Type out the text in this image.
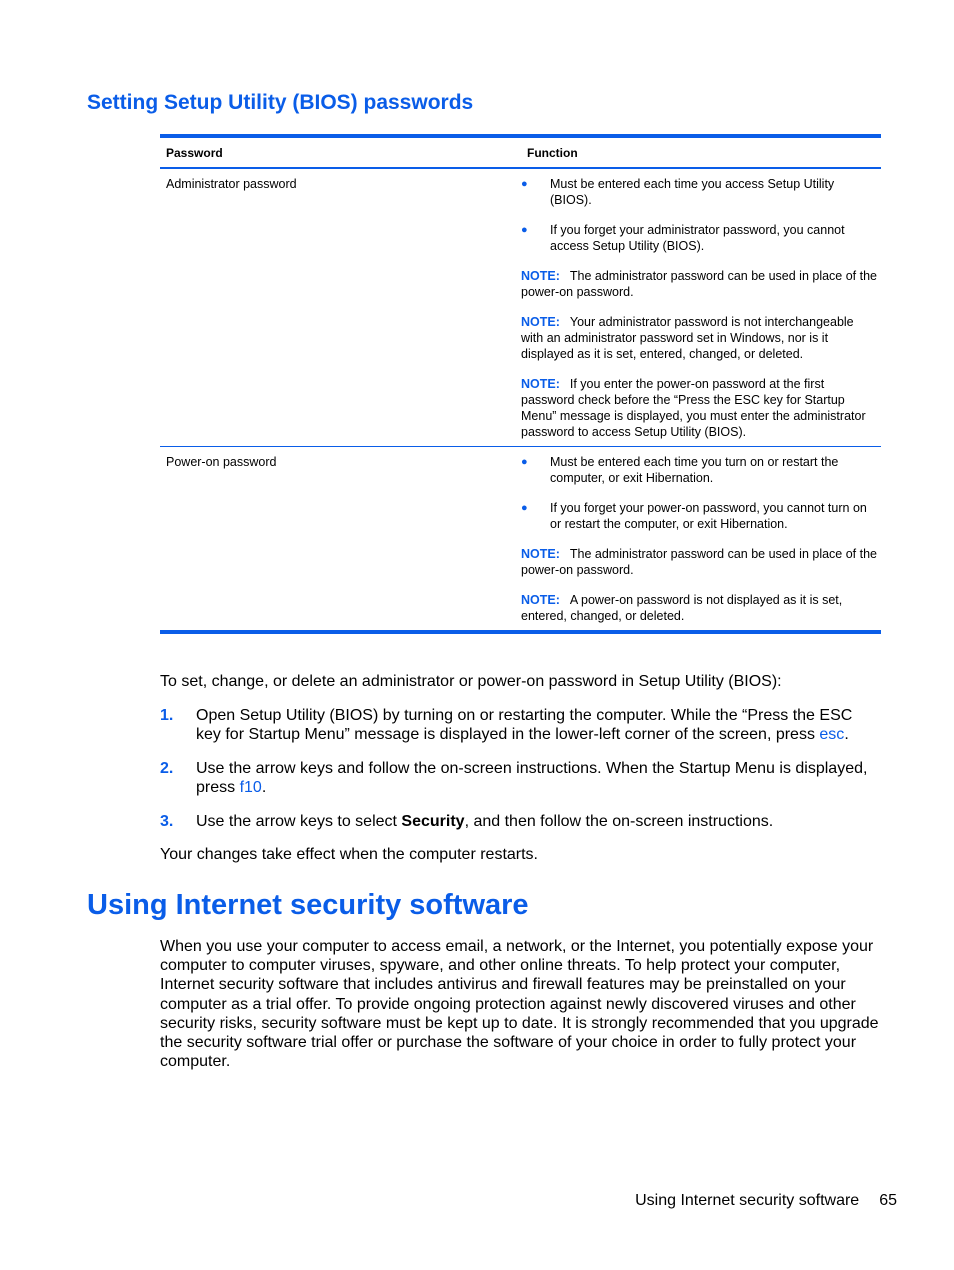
Setting Setup Utility (BIOS) passwords
Password	Function
Administrator password	●	Must be entered each time you access Setup Utility (BIOS).
●	If you forget your administrator password, you cannot access Setup Utility (BIOS).
NOTE: The administrator password can be used in place of the power-on password.
NOTE: Your administrator password is not interchangeable with an administrator password set in Windows, nor is it displayed as it is set, entered, changed, or deleted.
NOTE: If you enter the power-on password at the first password check before the “Press the ESC key for Startup Menu” message is displayed, you must enter the administrator password to access Setup Utility (BIOS).
Power-on password	●	Must be entered each time you turn on or restart the computer, or exit Hibernation.
●	If you forget your power-on password, you cannot turn on or restart the computer, or exit Hibernation.
NOTE: The administrator password can be used in place of the power-on password.
NOTE: A power-on password is not displayed as it is set, entered, changed, or deleted.

To set, change, or delete an administrator or power-on password in Setup Utility (BIOS):

1.	Open Setup Utility (BIOS) by turning on or restarting the computer. While the “Press the ESC key for Startup Menu” message is displayed in the lower-left corner of the screen, press esc.
2.	Use the arrow keys and follow the on-screen instructions. When the Startup Menu is displayed, press f10.
3.	Use the arrow keys to select Security, and then follow the on-screen instructions.

Your changes take effect when the computer restarts.

Using Internet security software

When you use your computer to access email, a network, or the Internet, you potentially expose your computer to computer viruses, spyware, and other online threats. To help protect your computer, Internet security software that includes antivirus and firewall features may be preinstalled on your computer as a trial offer. To provide ongoing protection against newly discovered viruses and other security risks, security software must be kept up to date. It is strongly recommended that you upgrade the security software trial offer or purchase the software of your choice in order to fully protect your computer.

Using Internet security software 65
